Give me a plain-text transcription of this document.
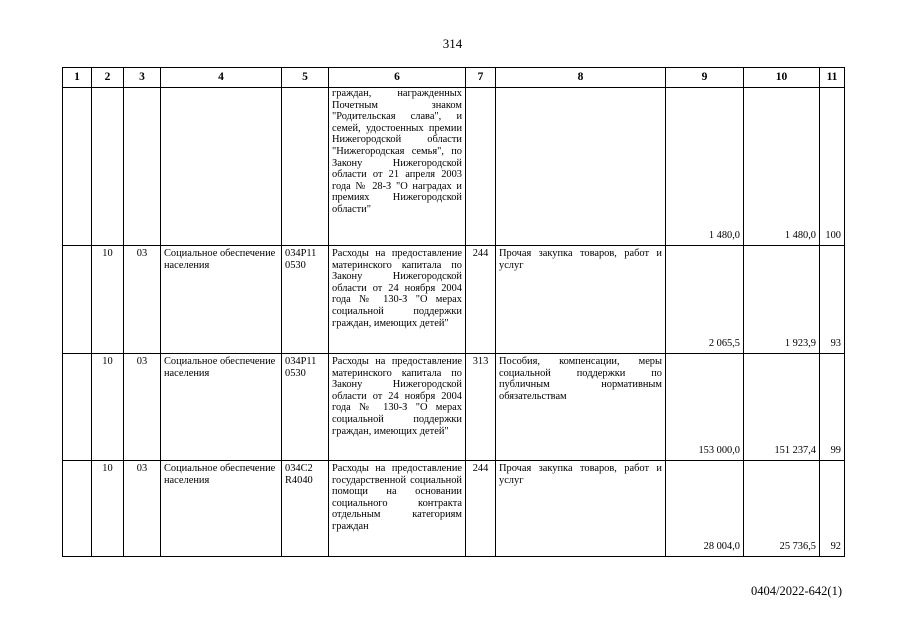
314
1	2	3	4	5	6	7	8	9	10	11
					граждан, награжденных Почетным знаком "Родительская слава", и семей, удостоенных премии Нижегородской области "Нижегородская семья", по Закону Нижегородской области от 21 апреля 2003 года № 28-З "О наградах и премиях Нижегородской области"			1 480,0	1 480,0	100
	10	03	Социальное обеспечение населения	034P11 0530	Расходы на предоставление материнского капитала по Закону Нижегородской области от 24 ноября 2004 года № 130-З "О мерах социальной поддержки граждан, имеющих детей"	244	Прочая закупка товаров, работ и услуг	2 065,5	1 923,9	93
	10	03	Социальное обеспечение населения	034P11 0530	Расходы на предоставление материнского капитала по Закону Нижегородской области от 24 ноября 2004 года № 130-З "О мерах социальной поддержки граждан, имеющих детей"	313	Пособия, компенсации, меры социальной поддержки по публичным нормативным обязательствам	153 000,0	151 237,4	99
	10	03	Социальное обеспечение населения	034C2 R4040	Расходы на предоставление государственной социальной помощи на основании социального контракта отдельным категориям граждан	244	Прочая закупка товаров, работ и услуг	28 004,0	25 736,5	92
0404/2022-642(1)
